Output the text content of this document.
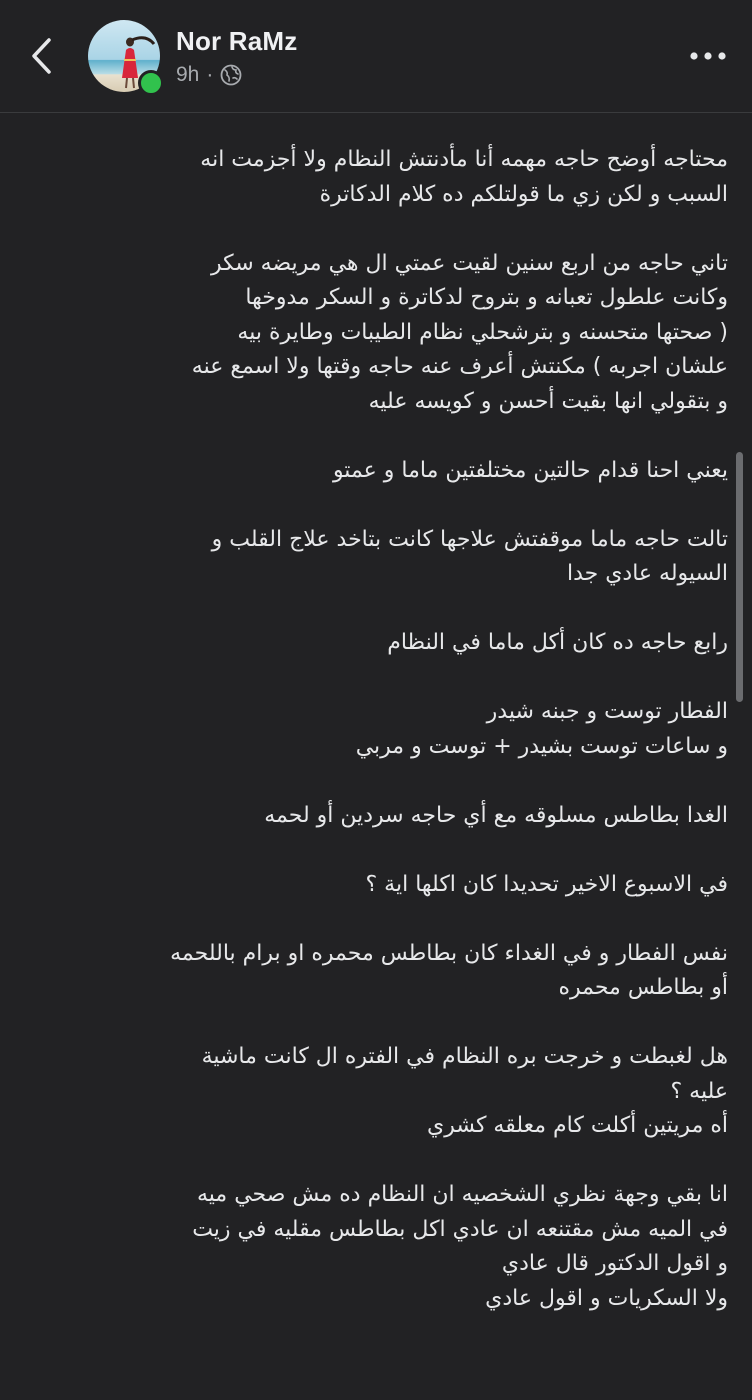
Nor RaMz
9h ·
محتاجه أوضح حاجه مهمه أنا مأدنتش النظام ولا أجزمت انه
السبب و لكن زي ما قولتلكم ده كلام الدكاترة
تاني حاجه من اربع سنين لقيت عمتي ال هي مريضه سكر
وكانت علطول تعبانه و بتروح لدكاترة و السكر مدوخها
( صحتها متحسنه و بترشحلي نظام الطيبات وطايرة بيه
علشان اجربه ) مكنتش أعرف عنه حاجه وقتها ولا اسمع عنه
و بتقولي انها بقيت أحسن و كويسه عليه
يعني احنا قدام حالتين مختلفتين ماما و عمتو
تالت حاجه ماما موقفتش علاجها كانت بتاخد علاج القلب و
السيوله عادي جدا
رابع حاجه ده كان أكل ماما في النظام
الفطار توست و جبنه شيدر
و ساعات توست بشيدر + توست و مربي
الغدا بطاطس مسلوقه مع أي حاجه سردين أو لحمه
في الاسبوع الاخير تحديدا كان اكلها اية ؟
نفس الفطار و في الغداء كان بطاطس محمره او برام باللحمه
أو بطاطس محمره
هل لغبطت و خرجت بره النظام في الفتره ال كانت ماشية
عليه ؟
أه مريتين أكلت كام معلقه كشري
انا بقي وجهة نظري الشخصيه ان النظام ده مش صحي ميه
في الميه مش مقتنعه ان عادي اكل بطاطس مقليه في زيت
و اقول الدكتور قال عادي
ولا السكريات و اقول عادي
